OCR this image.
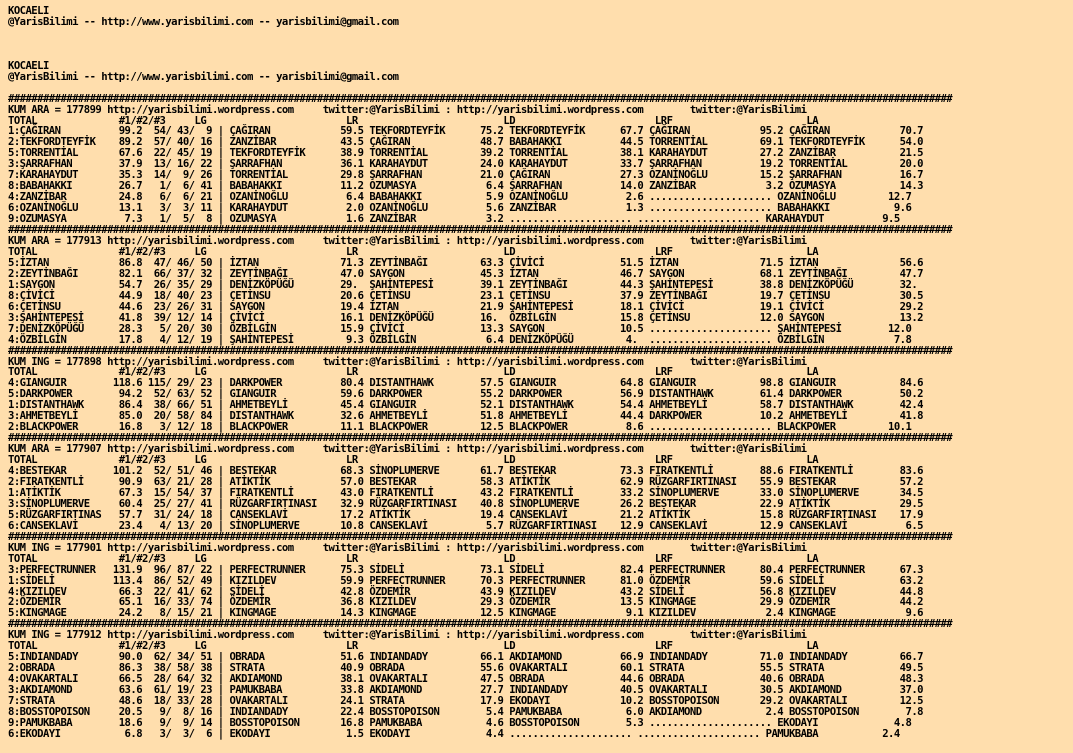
KOCAELI
@YarisBilimi -- http://www.yarisbilimi.com -- yarisbilimi@gmail.com

KOCAELI
@YarisBilimi -- http://www.yarisbilimi.com -- yarisbilimi@gmail.com

##################################################################################################################################################################
KUM ARA = 177899 http://yarisbilimi.wordpress.com     twitter:@YarisBilimi : http://yarisbilimi.wordpress.com        twitter:@YarisBilimi
TOTAL              #1/#2/#3     LG                        LR                         LD                        LRF                       LA
1:ÇAĞIRAN          99.2  54/ 43/  9 | ÇAĞIRAN            59.5 TEKFORDTEYFİK      75.2 TEKFORDTEYFİK      67.7 ÇAĞIRAN            95.2 ÇAĞIRAN            70.7
2:TEKFORDTEYFİK    89.2  57/ 40/ 16 | ZANZİBAR           43.5 ÇAĞIRAN            48.7 BABAHAKKI          44.5 TORRENTİAL         69.1 TEKFORDTEYFİK      54.0
5:TORRENTİAL       67.6  22/ 45/ 19 | TEKFORDTEYFİK      38.9 TORRENTİAL         39.2 TORRENTİAL         38.1 KARAHAYDUT         27.2 ZANZİBAR           21.5
3:ŞARRAFHAN        37.9  13/ 16/ 22 | ŞARRAFHAN          36.1 KARAHAYDUT         24.0 KARAHAYDUT         33.7 ŞARRAFHAN          19.2 TORRENTİAL         20.0
7:KARAHAYDUT       35.3  14/  9/ 26 | TORRENTİAL         29.8 ŞARRAFHAN          21.0 ÇAĞIRAN            27.3 OZANİNOĞLU         15.2 ŞARRAFHAN          16.7
8:BABAHAKKI        26.7   1/  6/ 41 | BABAHAKKI          11.2 OZUMASYA            6.4 ŞARRAFHAN          14.0 ZANZİBAR            3.2 OZUMASYA           14.3
4:ZANZİBAR         24.8   6/  6/ 21 | OZANİNOĞLU          6.4 BABAHAKKI           5.9 OZANİNOĞLU          2.6 ..................... OZANİNOĞLU         12.7
6:OZANİNOĞLU       13.1   3/  3/ 11 | KARAHAYDUT          2.0 OZANİNOĞLU          5.6 ZANZİBAR            1.3 ..................... BABAHAKKI           9.6
9:OZUMASYA          7.3   1/  5/  8 | OZUMASYA            1.6 ZANZİBAR            3.2 ..................... ..................... KARAHAYDUT          9.5
##################################################################################################################################################################
KUM ARA = 177913 http://yarisbilimi.wordpress.com     twitter:@YarisBilimi : http://yarisbilimi.wordpress.com        twitter:@YarisBilimi
TOTAL              #1/#2/#3     LG                        LR                         LD                        LRF                       LA
5:İZTAN            86.8  47/ 46/ 50 | İZTAN              71.3 ZEYTİNBAĞI         63.3 ÇİVİCİ             51.5 İZTAN              71.5 İZTAN              56.6
2:ZEYTİNBAĞI       82.1  66/ 37/ 32 | ZEYTİNBAĞI         47.0 SAYGON             45.3 İZTAN              46.7 SAYGON             68.1 ZEYTİNBAĞI         47.7
1:SAYGON           54.7  26/ 35/ 29 | DENİZKÖPÜĞÜ        29.  ŞAHİNTEPESİ        39.1 ZEYTİNBAĞI         44.3 ŞAHİNTEPESİ        38.8 DENİZKÖPÜĞÜ        32.
8:ÇİVİCİ           44.9  18/ 40/ 23 | ÇETİNSU            20.6 ÇETİNSU            23.1 ÇETİNSU            37.9 ZEYTİNBAĞI         19.7 ÇETİNSU            30.5
6:ÇETİNSU          44.6  23/ 26/ 31 | SAYGON             19.4 İZTAN              21.9 ŞAHİNTEPESİ        18.1 ÇİVİCİ             19.1 ÇİVİCİ             29.2
3:ŞAHİNTEPESİ      41.8  39/ 12/ 14 | ÇİVİCİ             16.1 DENİZKÖPÜĞÜ        16.  ÖZBİLGİN           15.8 ÇETİNSU            12.0 SAYGON             13.2
7:DENİZKÖPÜĞÜ      28.3   5/ 20/ 30 | ÖZBİLGİN           15.9 ÇİVİCİ             13.3 SAYGON             10.5 ..................... ŞAHİNTEPESİ        12.0
4:ÖZBİLGİN         17.8   4/ 12/ 19 | ŞAHİNTEPESİ         9.3 ÖZBİLGİN            6.4 DENİZKÖPÜĞÜ         4.  ..................... ÖZBİLGİN            7.8
##################################################################################################################################################################
KUM ING = 177898 http://yarisbilimi.wordpress.com     twitter:@YarisBilimi : http://yarisbilimi.wordpress.com        twitter:@YarisBilimi
TOTAL              #1/#2/#3     LG                        LR                         LD                        LRF                       LA
4:GIANGUIR        118.6 115/ 29/ 23 | DARKPOWER          80.4 DISTANTHAWK        57.5 GIANGUIR           64.8 GIANGUIR           98.8 GIANGUIR           84.6
5:DARKPOWER        94.2  52/ 63/ 52 | GIANGUIR           59.6 DARKPOWER          55.2 DARKPOWER          56.9 DISTANTHAWK        61.4 DARKPOWER          50.2
1:DISTANTHAWK      86.4  38/ 66/ 51 | AHMETBEYLİ         45.4 GIANGUIR           52.1 DISTANTHAWK        54.4 AHMETBEYLİ         58.7 DISTANTHAWK        42.4
3:AHMETBEYLİ       85.0  20/ 58/ 84 | DISTANTHAWK        32.6 AHMETBEYLİ         51.8 AHMETBEYLİ         44.4 DARKPOWER          10.2 AHMETBEYLİ         41.8
2:BLACKPOWER       16.8   3/ 12/ 18 | BLACKPOWER         11.1 BLACKPOWER         12.5 BLACKPOWER          8.6 ..................... BLACKPOWER         10.1
##################################################################################################################################################################
KUM ARA = 177907 http://yarisbilimi.wordpress.com     twitter:@YarisBilimi : http://yarisbilimi.wordpress.com        twitter:@YarisBilimi
TOTAL              #1/#2/#3     LG                        LR                         LD                        LRF                       LA
4:BESTEKAR        101.2  52/ 51/ 46 | BESTEKAR           68.3 SİNOPLUMERVE       61.7 BESTEKAR           73.3 FIRATKENTLİ        88.6 FIRATKENTLİ        83.6
2:FIRATKENTLİ      90.9  63/ 21/ 28 | ATİKTİK            57.0 BESTEKAR           58.3 ATİKTİK            62.9 RÜZGARFIRTINASI    55.9 BESTEKAR           57.2
1:ATİKTİK          67.3  15/ 54/ 37 | FIRATKENTLİ        43.0 FIRATKENTLİ        43.2 FIRATKENTLİ        33.2 SİNOPLUMERVE       33.0 SİNOPLUMERVE       34.5
3:SİNOPLUMERVE     60.4  25/ 27/ 41 | RÜZGARFIRTINASI    32.9 RÜZGARFIRTINASI    40.8 SİNOPLUMERVE       26.2 BESTEKAR           22.9 ATİKTİK            29.5
5:RÜZGARFIRTINAS   57.7  31/ 24/ 18 | CANSEKLAVİ         17.2 ATİKTİK            19.4 CANSEKLAVİ         21.2 ATİKTİK            15.8 RÜZGARFIRTINASI    17.9
6:CANSEKLAVİ       23.4   4/ 13/ 20 | SİNOPLUMERVE       10.8 CANSEKLAVİ          5.7 RÜZGARFIRTINASI    12.9 CANSEKLAVİ         12.9 CANSEKLAVİ          6.5
##################################################################################################################################################################
KUM ING = 177901 http://yarisbilimi.wordpress.com     twitter:@YarisBilimi : http://yarisbilimi.wordpress.com        twitter:@YarisBilimi
TOTAL              #1/#2/#3     LG                        LR                         LD                        LRF                       LA
3:PERFECTRUNNER   131.9  96/ 87/ 22 | PERFECTRUNNER      75.3 SİDELİ             73.1 SİDELİ             82.4 PERFECTRUNNER      80.4 PERFECTRUNNER      67.3
1:SİDELİ          113.4  86/ 52/ 49 | KIZILDEV           59.9 PERFECTRUNNER      70.3 PERFECTRUNNER      81.0 ÖZDEMİR            59.6 SİDELİ             63.2
4:KIZILDEV         66.3  22/ 41/ 62 | SİDELİ             42.8 ÖZDEMİR            43.9 KIZILDEV           43.2 SİDELİ             56.8 KIZILDEV           44.8
2:ÖZDEMİR          65.1  16/ 33/ 74 | ÖZDEMİR            36.8 KIZILDEV           29.3 ÖZDEMİR            13.5 KINGMAGE           29.9 ÖZDEMİR            44.2
5:KINGMAGE         24.2   8/ 15/ 21 | KINGMAGE           14.3 KINGMAGE           12.5 KINGMAGE            9.1 KIZILDEV            2.4 KINGMAGE            9.6
##################################################################################################################################################################
KUM ING = 177912 http://yarisbilimi.wordpress.com     twitter:@YarisBilimi : http://yarisbilimi.wordpress.com        twitter:@YarisBilimi
TOTAL              #1/#2/#3     LG                        LR                         LD                        LRF                       LA
5:INDIANDADY       90.0  62/ 34/ 51 | OBRADA             51.6 INDIANDADY         66.1 AKDIAMOND          66.9 INDIANDADY         71.0 INDIANDADY         66.7
2:OBRADA           86.3  38/ 58/ 38 | STRATA             40.9 OBRADA             55.6 OVAKARTALI         60.1 STRATA             55.5 STRATA             49.5
4:OVAKARTALI       66.5  28/ 64/ 32 | AKDIAMOND          38.1 OVAKARTALI         47.5 OBRADA             44.6 OBRADA             40.6 OBRADA             48.3
3:AKDIAMOND        63.6  61/ 19/ 23 | PAMUKBABA          33.8 AKDIAMOND          27.7 INDIANDADY         40.5 OVAKARTALI         30.5 AKDIAMOND          37.0
7:STRATA           48.6  18/ 33/ 28 | OVAKARTALI         24.1 STRATA             17.9 EKODAYI            10.2 BOSSTOPOISON       29.2 OVAKARTALI         12.5
8:BOSSTOPOISON     20.5   9/  8/ 16 | INDIANDADY         22.4 BOSSTOPOISON        5.4 PAMUKBABA           6.0 AKDIAMOND           2.4 BOSSTOPOISON        7.8
9:PAMUKBABA        18.6   9/  9/ 14 | BOSSTOPOISON       16.8 PAMUKBABA           4.6 BOSSTOPOISON        5.3 ..................... EKODAYI             4.8
6:EKODAYI           6.8   3/  3/  6 | EKODAYI             1.5 EKODAYI             4.4 ..................... ..................... PAMUKBABA           2.4
